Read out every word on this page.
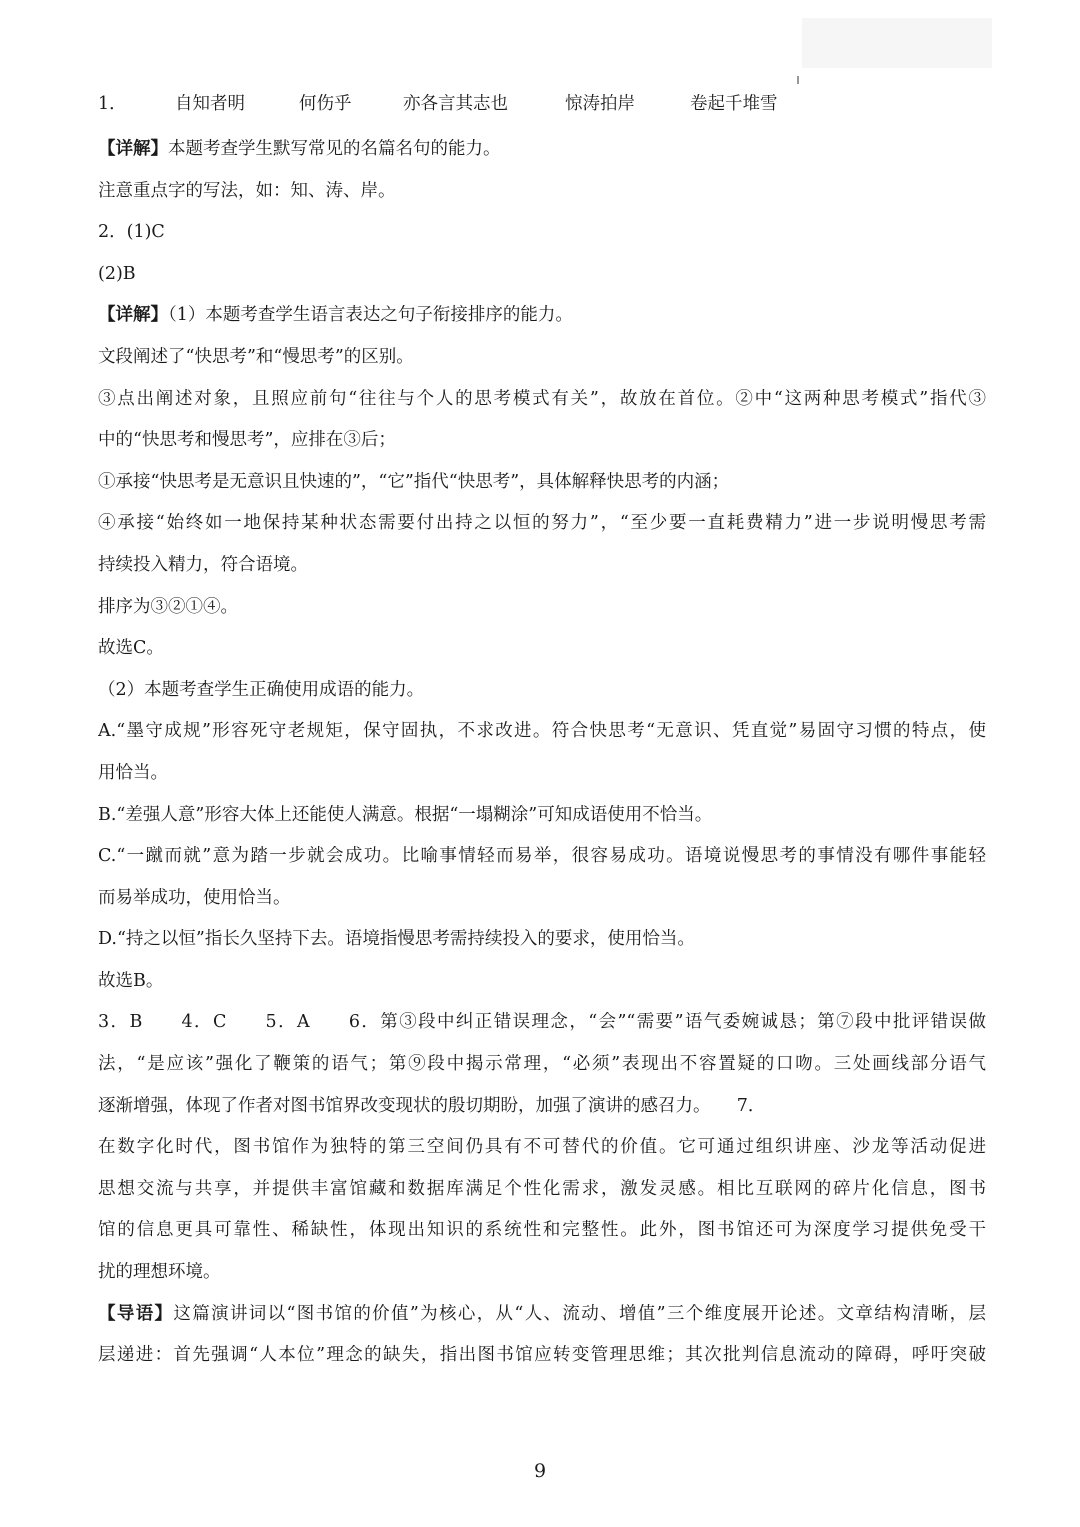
1．	自知者明	何伤乎	亦各言其志也	惊涛拍岸	卷起千堆雪
【详解】本题考查学生默写常见的名篇名句的能力。
注意重点字的写法，如：知、涛、岸。
2．(1)C
(2)B
【详解】（1）本题考查学生语言表达之句子衔接排序的能力。
文段阐述了“快思考”和“慢思考”的区别。
③点出阐述对象，且照应前句“往往与个人的思考模式有关”，故放在首位。②中“这两种思考模式”指代③
中的“快思考和慢思考”，应排在③后；
①承接“快思考是无意识且快速的”，“它”指代“快思考”，具体解释快思考的内涵；
④承接“始终如一地保持某种状态需要付出持之以恒的努力”，“至少要一直耗费精力”进一步说明慢思考需
持续投入精力，符合语境。
排序为③②①④。
故选C。
（2）本题考查学生正确使用成语的能力。
A.“墨守成规”形容死守老规矩，保守固执，不求改进。符合快思考“无意识、凭直觉”易固守习惯的特点，使
用恰当。
B.“差强人意”形容大体上还能使人满意。根据“一塌糊涂”可知成语使用不恰当。
C.“一蹴而就”意为踏一步就会成功。比喻事情轻而易举，很容易成功。语境说慢思考的事情没有哪件事能轻
而易举成功，使用恰当。
D.“持之以恒”指长久坚持下去。语境指慢思考需持续投入的要求，使用恰当。
故选B。
3．B　　4．C　　5．A　　6．第③段中纠正错误理念，“会”“需要”语气委婉诚恳；第⑦段中批评错误做
法，“是应该”强化了鞭策的语气；第⑨段中揭示常理，“必须”表现出不容置疑的口吻。三处画线部分语气
逐渐增强，体现了作者对图书馆界改变现状的殷切期盼，加强了演讲的感召力。　　7．
在数字化时代，图书馆作为独特的第三空间仍具有不可替代的价值。它可通过组织讲座、沙龙等活动促进
思想交流与共享，并提供丰富馆藏和数据库满足个性化需求，激发灵感。相比互联网的碎片化信息，图书
馆的信息更具可靠性、稀缺性，体现出知识的系统性和完整性。此外，图书馆还可为深度学习提供免受干
扰的理想环境。
【导语】这篇演讲词以“图书馆的价值”为核心，从“人、流动、增值”三个维度展开论述。文章结构清晰，层
层递进：首先强调“人本位”理念的缺失，指出图书馆应转变管理思维；其次批判信息流动的障碍，呼吁突破
9
